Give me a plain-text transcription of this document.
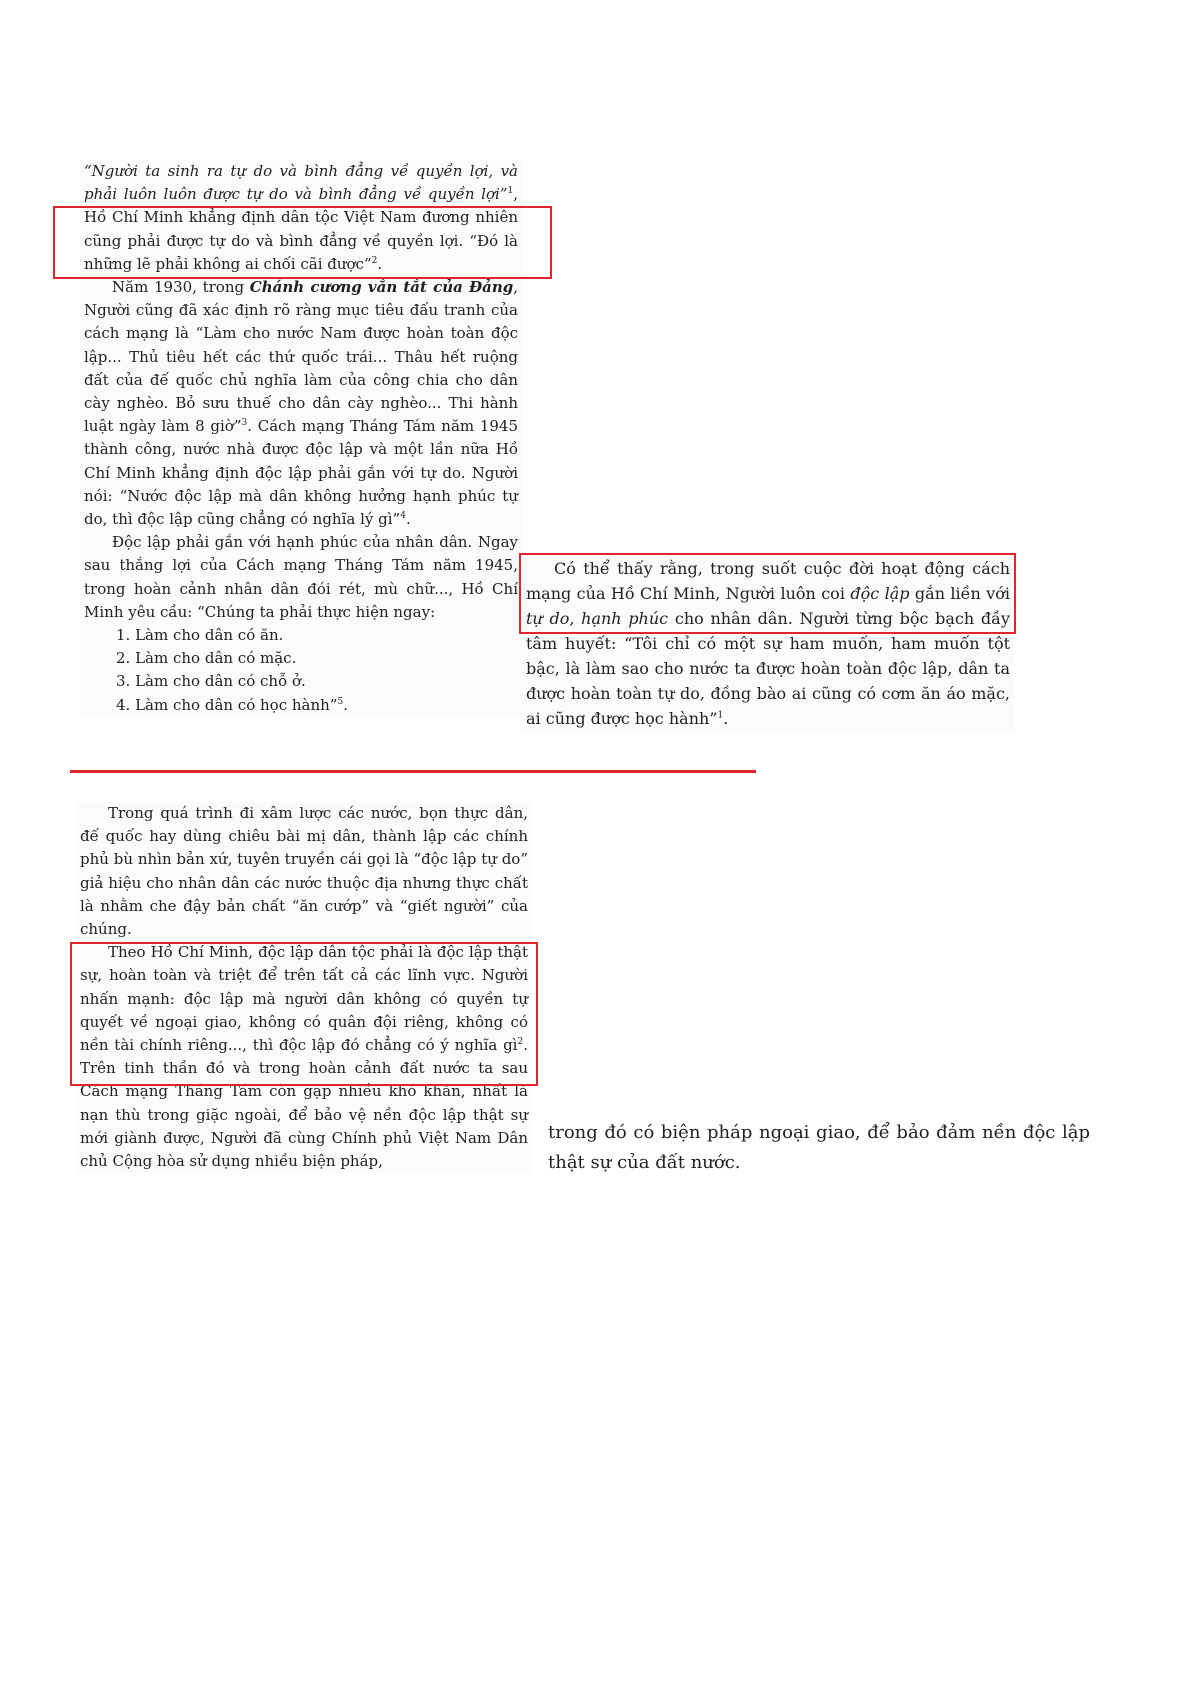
“Người ta sinh ra tự do và bình đẳng về quyền lợi, và phải luôn luôn được tự do và bình đẳng về quyền lợi”$^1$, Hồ Chí Minh khẳng định dân tộc Việt Nam đương nhiên cũng phải được tự do và bình đẳng về quyền lợi. “Đó là những lẽ phải không ai chối cãi được”$^2$.

Năm 1930, trong Chánh cương vắn tắt của Đảng, Người cũng đã xác định rõ ràng mục tiêu đấu tranh của cách mạng là “Làm cho nước Nam được hoàn toàn độc lập... Thủ tiêu hết các thứ quốc trái... Thâu hết ruộng đất của đế quốc chủ nghĩa làm của công chia cho dân cày nghèo. Bỏ sưu thuế cho dân cày nghèo... Thi hành luật ngày làm 8 giờ”$^3$. Cách mạng Tháng Tám năm 1945 thành công, nước nhà được độc lập và một lần nữa Hồ Chí Minh khẳng định độc lập phải gắn với tự do. Người nói: “Nước độc lập mà dân không hưởng hạnh phúc tự do, thì độc lập cũng chẳng có nghĩa lý gì”$^4$.

Độc lập phải gắn với hạnh phúc của nhân dân. Ngay sau thắng lợi của Cách mạng Tháng Tám năm 1945, trong hoàn cảnh nhân dân đói rét, mù chữ..., Hồ Chí Minh yêu cầu: “Chúng ta phải thực hiện ngay:

1. Làm cho dân có ăn.

2. Làm cho dân có mặc.

3. Làm cho dân có chỗ ở.

4. Làm cho dân có học hành”$^5$.

Có thể thấy rằng, trong suốt cuộc đời hoạt động cách mạng của Hồ Chí Minh, Người luôn coi độc lập gắn liền với tự do, hạnh phúc cho nhân dân. Người từng bộc bạch đầy tâm huyết: “Tôi chỉ có một sự ham muốn, ham muốn tột bậc, là làm sao cho nước ta được hoàn toàn độc lập, dân ta được hoàn toàn tự do, đồng bào ai cũng có cơm ăn áo mặc, ai cũng được học hành”$^1$.

Trong quá trình đi xâm lược các nước, bọn thực dân, đế quốc hay dùng chiêu bài mị dân, thành lập các chính phủ bù nhìn bản xứ, tuyên truyền cái gọi là “độc lập tự do” giả hiệu cho nhân dân các nước thuộc địa nhưng thực chất là nhằm che đậy bản chất “ăn cướp” và “giết người” của chúng.

Theo Hồ Chí Minh, độc lập dân tộc phải là độc lập thật sự, hoàn toàn và triệt để trên tất cả các lĩnh vực. Người nhấn mạnh: độc lập mà người dân không có quyền tự quyết về ngoại giao, không có quân đội riêng, không có nền tài chính riêng..., thì độc lập đó chẳng có ý nghĩa $gì^2$. Trên tinh thần đó và trong hoàn cảnh đất nước ta sau Cách mạng Tháng Tám còn gặp nhiều khó khăn, nhất là nạn thù trong giặc ngoài, để bảo vệ nền độc lập thật sự mới giành được, Người đã cùng Chính phủ Việt Nam Dân chủ Cộng hòa sử dụng nhiều biện pháp,

trong đó có biện pháp ngoại giao, để bảo đảm nền độc lập thật sự của đất nước.
